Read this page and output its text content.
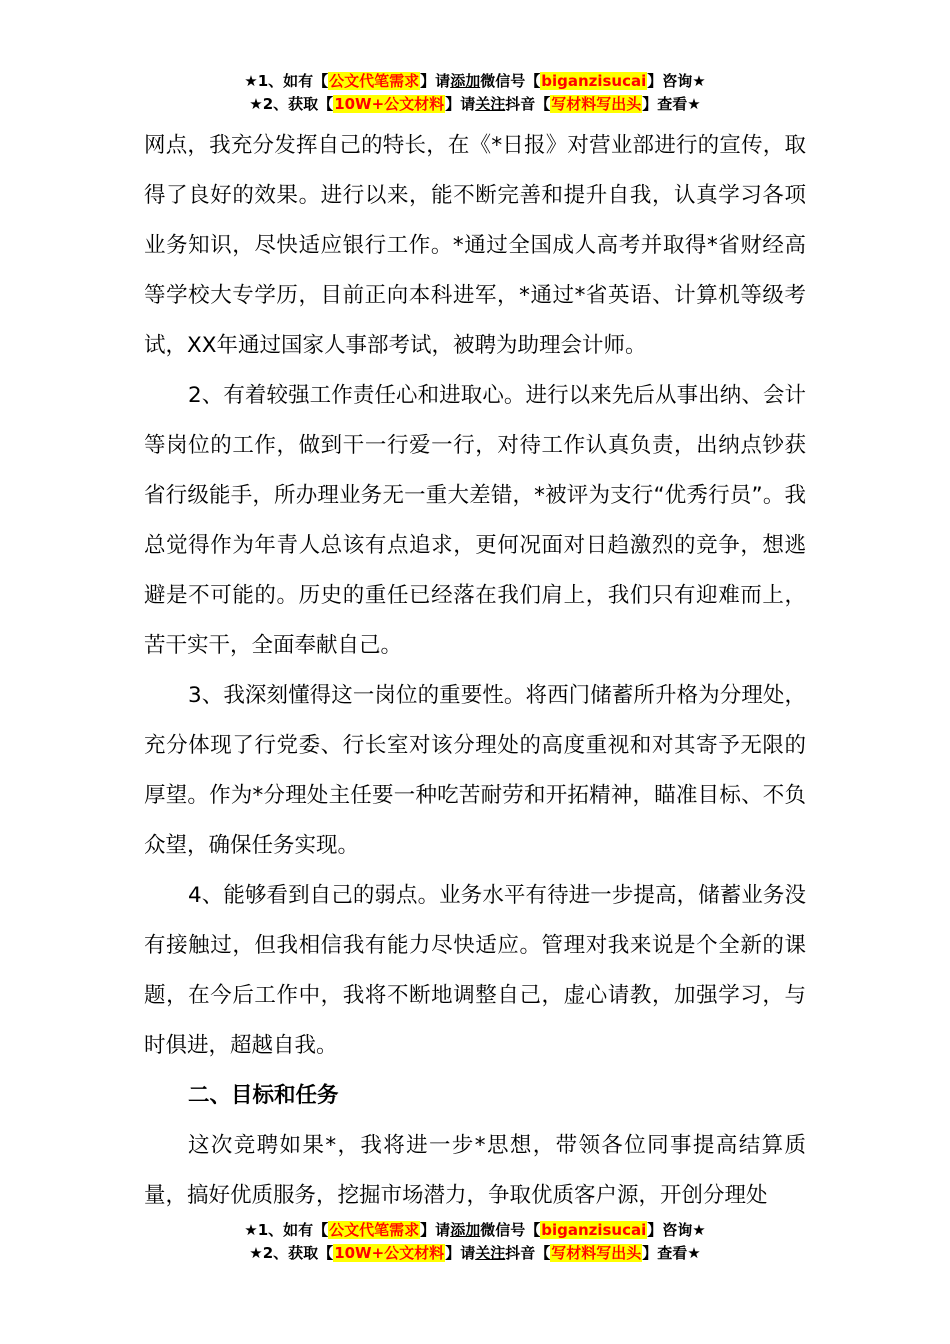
★1、如有【公文代笔需求】请添加微信号【biganzisucai】咨询★
★2、获取【10W+公文材料】请关注抖音【写材料写出头】查看★

网点，我充分发挥自己的特长，在《*日报》对营业部进行的宣传，取得了良好的效果。进行以来，能不断完善和提升自我，认真学习各项业务知识，尽快适应银行工作。*通过全国成人高考并取得*省财经高等学校大专学历，目前正向本科进军，*通过*省英语、计算机等级考试，XX年通过国家人事部考试，被聘为助理会计师。

2、有着较强工作责任心和进取心。进行以来先后从事出纳、会计等岗位的工作，做到干一行爱一行，对待工作认真负责，出纳点钞获省行级能手，所办理业务无一重大差错，*被评为支行“优秀行员”。我总觉得作为年青人总该有点追求，更何况面对日趋激烈的竞争，想逃避是不可能的。历史的重任已经落在我们肩上，我们只有迎难而上，苦干实干，全面奉献自己。

3、我深刻懂得这一岗位的重要性。将西门储蓄所升格为分理处，充分体现了行党委、行长室对该分理处的高度重视和对其寄予无限的厚望。作为*分理处主任要一种吃苦耐劳和开拓精神，瞄准目标、不负众望，确保任务实现。

4、能够看到自己的弱点。业务水平有待进一步提高，储蓄业务没有接触过，但我相信我有能力尽快适应。管理对我来说是个全新的课题，在今后工作中，我将不断地调整自己，虚心请教，加强学习，与时俱进，超越自我。

二、目标和任务

这次竞聘如果*，我将进一步*思想，带领各位同事提高结算质量，搞好优质服务，挖掘市场潜力，争取优质客户源，开创分理处

★1、如有【公文代笔需求】请添加微信号【biganzisucai】咨询★
★2、获取【10W+公文材料】请关注抖音【写材料写出头】查看★
